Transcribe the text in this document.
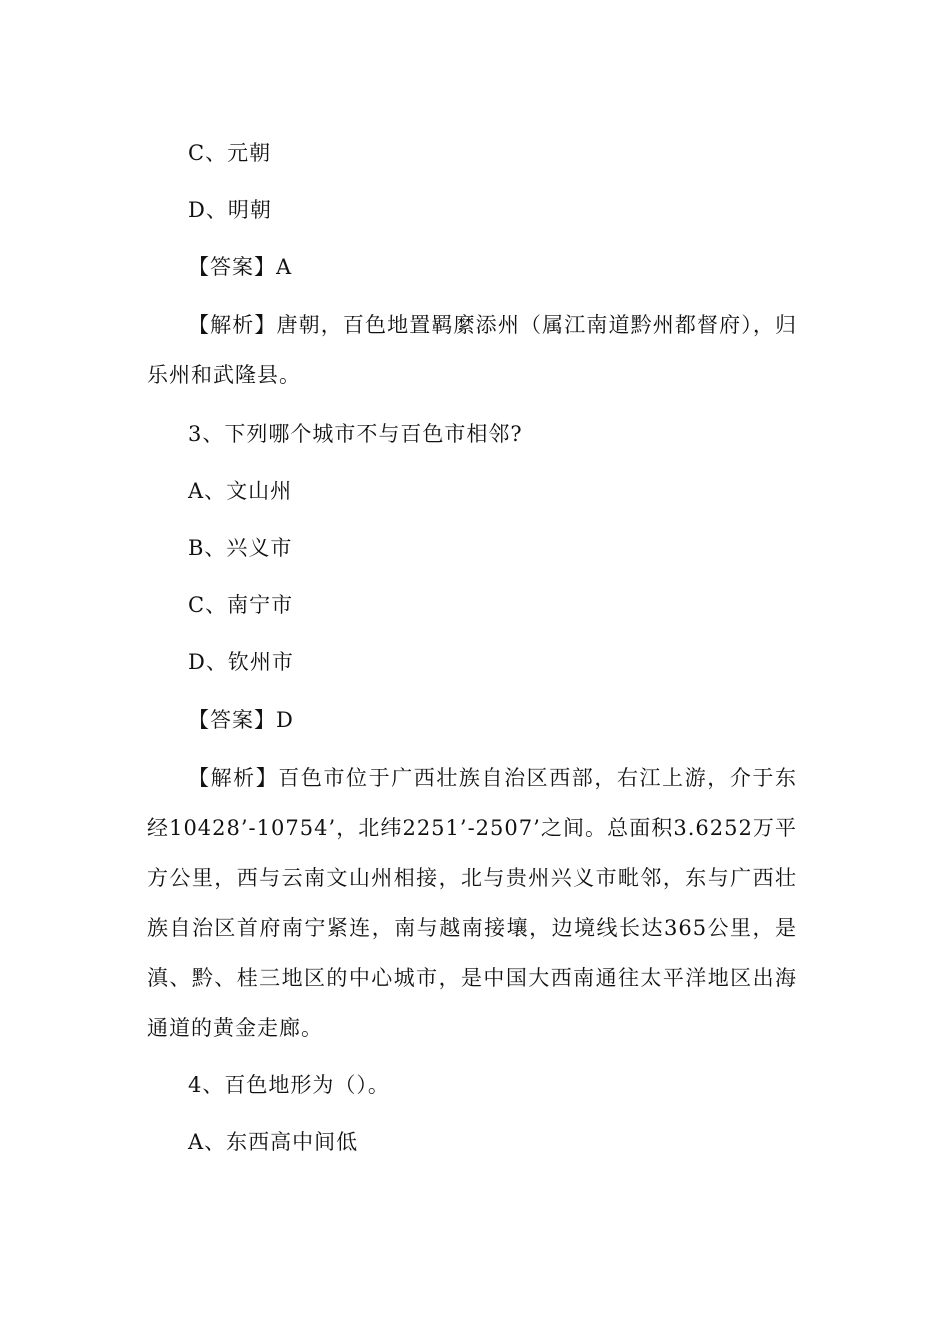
C、元朝
D、明朝
【答案】A
【解析】唐朝，百色地置羁縻添州（属江南道黔州都督府），归乐州和武隆县。
3、下列哪个城市不与百色市相邻?
A、文山州
B、兴义市
C、南宁市
D、钦州市
【答案】D
【解析】百色市位于广西壮族自治区西部，右江上游，介于东经10428’-10754’，北纬2251’-2507’之间。总面积3.6252万平方公里，西与云南文山州相接，北与贵州兴义市毗邻，东与广西壮族自治区首府南宁紧连，南与越南接壤，边境线长达365公里，是滇、黔、桂三地区的中心城市，是中国大西南通往太平洋地区出海通道的黄金走廊。
4、百色地形为（）。
A、东西高中间低
